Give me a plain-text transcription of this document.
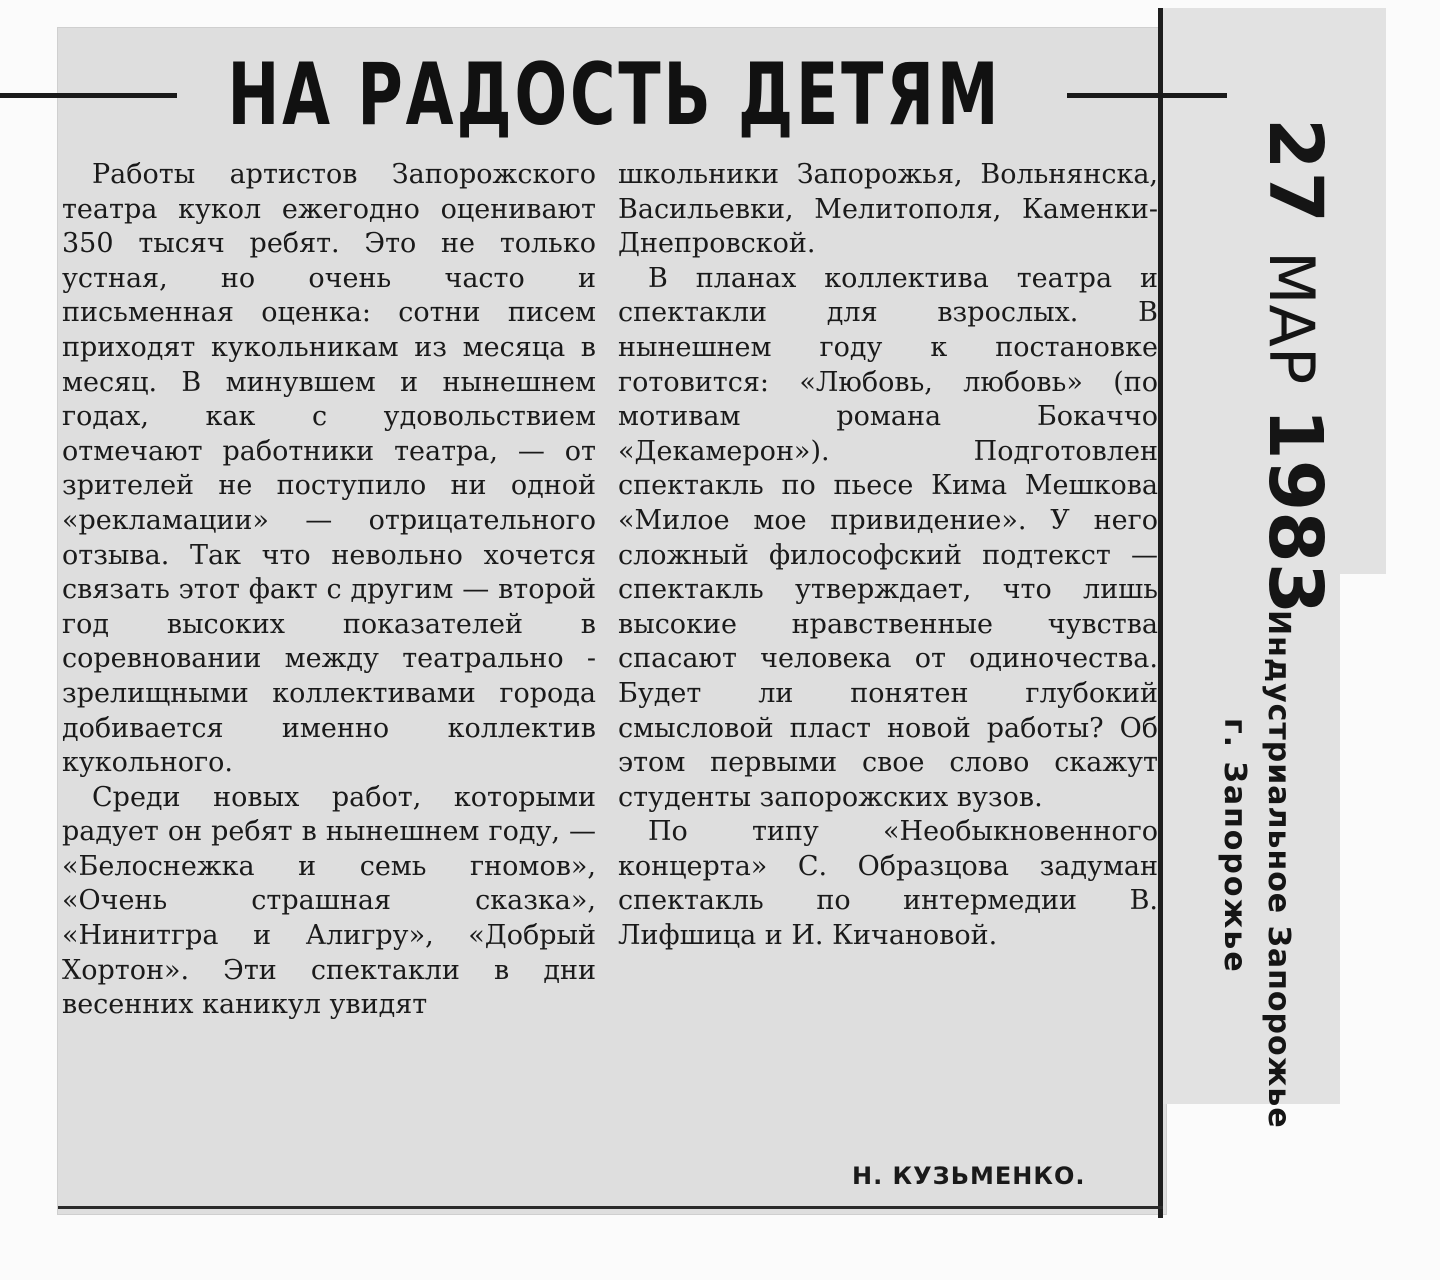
НА РАДОСТЬ ДЕТЯМ

Работы артистов Запорожского театра кукол ежегодно оценивают 350 тысяч ребят. Это не только устная, но очень часто и письменная оценка: сотни писем приходят кукольникам из месяца в месяц. В минувшем и нынешнем годах, как с удовольствием отмечают работники театра, — от зрителей не поступило ни одной «рекламации» — отрицательного отзыва. Так что невольно хочется связать этот факт с другим — второй год высоких показателей в соревновании между театрально - зрелищными коллективами города добивается именно коллектив кукольного.

Среди новых работ, которыми радует он ребят в нынешнем году, — «Белоснежка и семь гномов», «Очень страшная сказка», «Нинитгра и Алигру», «Добрый Хортон». Эти спектакли в дни весенних каникул увидят

школьники Запорожья, Вольнянска, Васильевки, Мелитополя, Каменки-Днепровской.

В планах коллектива театра и спектакли для взрослых. В нынешнем году к постановке готовится: «Любовь, любовь» (по мотивам романа Бокаччо «Декамерон»). Подготовлен спектакль по пьесе Кима Мешкова «Милое мое привидение». У него сложный философский подтекст — спектакль утверждает, что лишь высокие нравственные чувства спасают человека от одиночества. Будет ли понятен глубокий смысловой пласт новой работы? Об этом первыми свое слово скажут студенты запорожских вузов.

По типу «Необыкновенного концерта» С. Образцова задуман спектакль по интермедии В. Лифшица и И. Кичановой.

Н. КУЗЬМЕНКО.
27МАР1983
Индустриальное Запорожье
г. Запорожье
